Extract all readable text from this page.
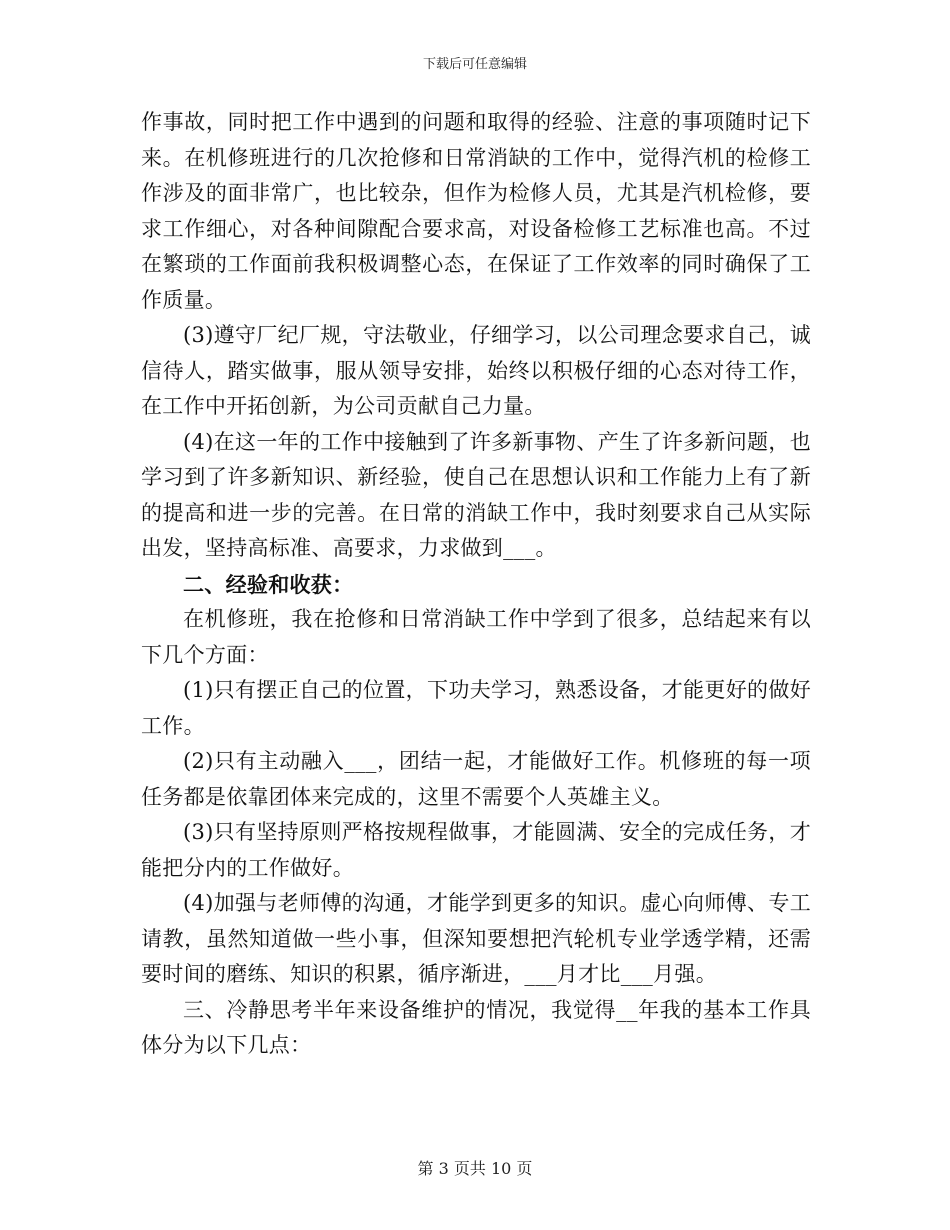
下载后可任意编辑

作事故，同时把工作中遇到的问题和取得的经验、注意的事项随时记下来。在机修班进行的几次抢修和日常消缺的工作中，觉得汽机的检修工作涉及的面非常广，也比较杂，但作为检修人员，尤其是汽机检修，要求工作细心，对各种间隙配合要求高，对设备检修工艺标准也高。不过在繁琐的工作面前我积极调整心态，在保证了工作效率的同时确保了工作质量。

(3)遵守厂纪厂规，守法敬业，仔细学习，以公司理念要求自己，诚信待人，踏实做事，服从领导安排，始终以积极仔细的心态对待工作，在工作中开拓创新，为公司贡献自己力量。

(4)在这一年的工作中接触到了许多新事物、产生了许多新问题，也学习到了许多新知识、新经验，使自己在思想认识和工作能力上有了新的提高和进一步的完善。在日常的消缺工作中，我时刻要求自己从实际出发，坚持高标准、高要求，力求做到___。

二、经验和收获：

在机修班，我在抢修和日常消缺工作中学到了很多，总结起来有以下几个方面：

(1)只有摆正自己的位置，下功夫学习，熟悉设备，才能更好的做好工作。

(2)只有主动融入___，团结一起，才能做好工作。机修班的每一项任务都是依靠团体来完成的，这里不需要个人英雄主义。

(3)只有坚持原则严格按规程做事，才能圆满、安全的完成任务，才能把分内的工作做好。

(4)加强与老师傅的沟通，才能学到更多的知识。虚心向师傅、专工请教，虽然知道做一些小事，但深知要想把汽轮机专业学透学精，还需要时间的磨练、知识的积累，循序渐进，___月才比___月强。

三、冷静思考半年来设备维护的情况，我觉得__年我的基本工作具体分为以下几点：

第 3 页共 10 页
